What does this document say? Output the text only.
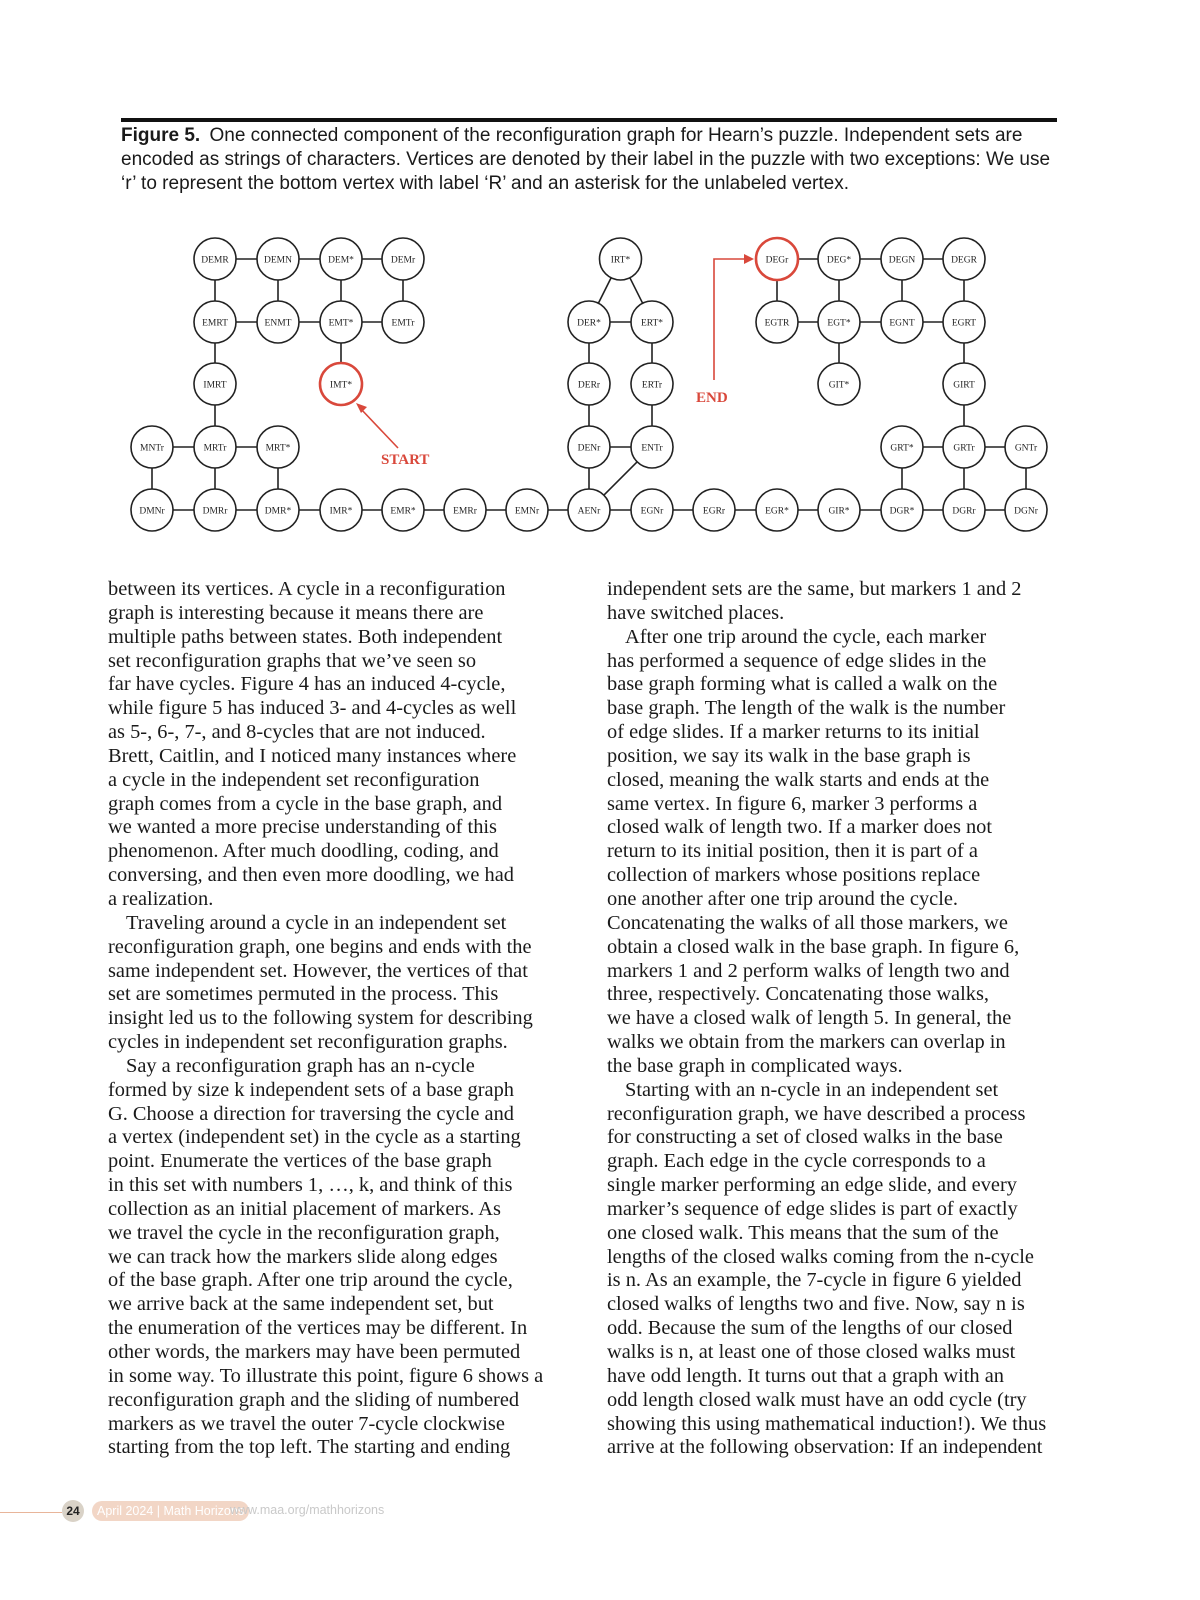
Figure 5. One connected component of the reconfiguration graph for Hearn’s puzzle. Independent sets are encoded as strings of characters. Vertices are denoted by their label in the puzzle with two exceptions: We use ‘r’ to represent the bottom vertex with label ‘R’ and an asterisk for the unlabeled vertex.
DEMR	DEMN	DEM*	DEMr
EMRT	ENMT	EMT*	EMTr
IMRT	IMT*
MNTr	MRTr	MRT*
DMNr	DMRr	DMR*	IMR*	EMR*	EMRr	EMNr	AENr	EGNr	EGRr	EGR*	GIR*	DGR*	DGRr	DGNr
IRT*
DER*	ERT*
DERr	ERTr
DENr	ENTr
DEGr	DEG*	DEGN	DEGR
EGTR	EGT*	EGNT	EGRT
GIT*	GIRT
GRT*	GRTr	GNTr
START
END

between its vertices. A cycle in a reconfiguration
graph is interesting because it means there are
multiple paths between states. Both independent
set reconfiguration graphs that we’ve seen so
far have cycles. Figure 4 has an induced 4-cycle,
while figure 5 has induced 3- and 4-cycles as well
as 5-, 6-, 7-, and 8-cycles that are not induced.
Brett, Caitlin, and I noticed many instances where
a cycle in the independent set reconfiguration
graph comes from a cycle in the base graph, and
we wanted a more precise understanding of this
phenomenon. After much doodling, coding, and
conversing, and then even more doodling, we had
a realization.

Traveling around a cycle in an independent set
reconfiguration graph, one begins and ends with the
same independent set. However, the vertices of that
set are sometimes permuted in the process. This
insight led us to the following system for describing
cycles in independent set reconfiguration graphs.

Say a reconfiguration graph has an n-cycle
formed by size k independent sets of a base graph
G. Choose a direction for traversing the cycle and
a vertex (independent set) in the cycle as a starting
point. Enumerate the vertices of the base graph
in this set with numbers 1, …, k, and think of this
collection as an initial placement of markers. As
we travel the cycle in the reconfiguration graph,
we can track how the markers slide along edges
of the base graph. After one trip around the cycle,
we arrive back at the same independent set, but
the enumeration of the vertices may be different. In
other words, the markers may have been permuted
in some way. To illustrate this point, figure 6 shows a
reconfiguration graph and the sliding of numbered
markers as we travel the outer 7-cycle clockwise
starting from the top left. The starting and ending

independent sets are the same, but markers 1 and 2
have switched places.

After one trip around the cycle, each marker
has performed a sequence of edge slides in the
base graph forming what is called a walk on the
base graph. The length of the walk is the number
of edge slides. If a marker returns to its initial
position, we say its walk in the base graph is
closed, meaning the walk starts and ends at the
same vertex. In figure 6, marker 3 performs a
closed walk of length two. If a marker does not
return to its initial position, then it is part of a
collection of markers whose positions replace
one another after one trip around the cycle.
Concatenating the walks of all those markers, we
obtain a closed walk in the base graph. In figure 6,
markers 1 and 2 perform walks of length two and
three, respectively. Concatenating those walks,
we have a closed walk of length 5. In general, the
walks we obtain from the markers can overlap in
the base graph in complicated ways.

Starting with an n-cycle in an independent set
reconfiguration graph, we have described a process
for constructing a set of closed walks in the base
graph. Each edge in the cycle corresponds to a
single marker performing an edge slide, and every
marker’s sequence of edge slides is part of exactly
one closed walk. This means that the sum of the
lengths of the closed walks coming from the n-cycle
is n. As an example, the 7-cycle in figure 6 yielded
closed walks of lengths two and five. Now, say n is
odd. Because the sum of the lengths of our closed
walks is n, at least one of those closed walks must
have odd length. It turns out that a graph with an
odd length closed walk must have an odd cycle (try
showing this using mathematical induction!). We thus
arrive at the following observation: If an independent

24	April 2024 | Math Horizons
www.maa.org/mathhorizons
